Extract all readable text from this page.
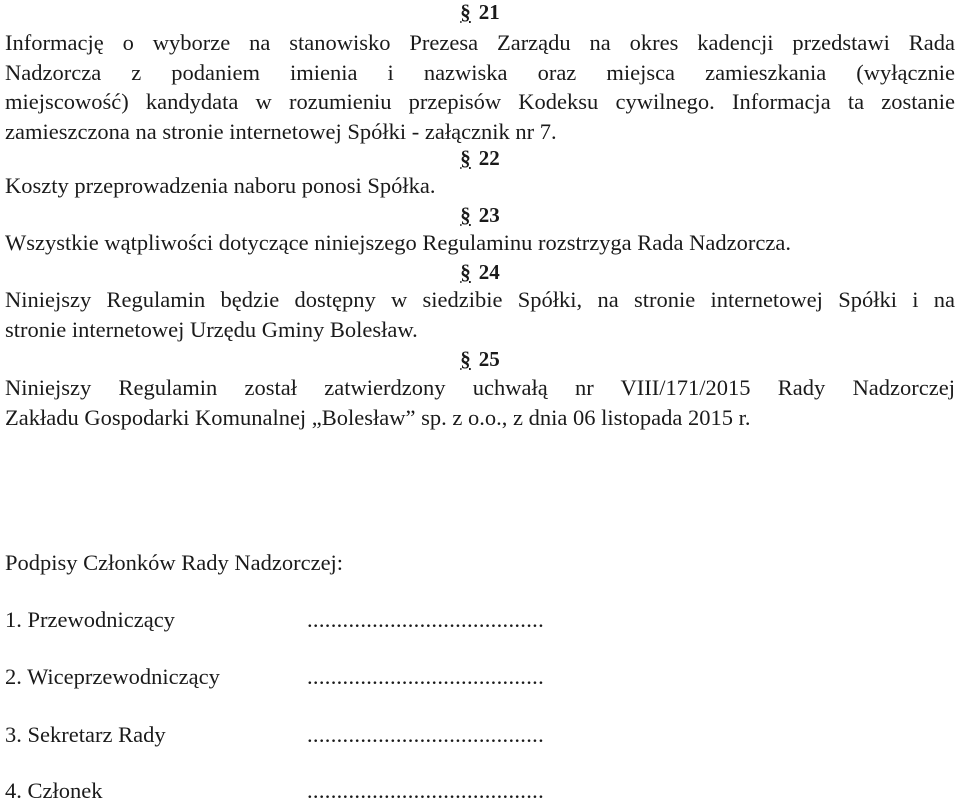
§ 21

Informację o wyborze na stanowisko Prezesa Zarządu na okres kadencji przedstawi Rada
Nadzorcza z podaniem imienia i nazwiska oraz miejsca zamieszkania (wyłącznie
miejscowość) kandydata w rozumieniu przepisów Kodeksu cywilnego. Informacja ta zostanie
zamieszczona na stronie internetowej Spółki - załącznik nr 7.

§ 22

Koszty przeprowadzenia naboru ponosi Spółka.

§ 23

Wszystkie wątpliwości dotyczące niniejszego Regulaminu rozstrzyga Rada Nadzorcza.

§ 24

Niniejszy Regulamin będzie dostępny w siedzibie Spółki, na stronie internetowej Spółki i na
stronie internetowej Urzędu Gminy Bolesław.

§ 25

Niniejszy Regulamin został zatwierdzony uchwałą nr VIII/171/2015 Rady Nadzorczej
Zakładu Gospodarki Komunalnej „Bolesław” sp. z o.o., z dnia 06 listopada 2015 r.

Podpisy Członków Rady Nadzorczej:
1. Przewodniczący	........................................
2. Wiceprzewodniczący	........................................
3. Sekretarz Rady	........................................
4. Członek	........................................
